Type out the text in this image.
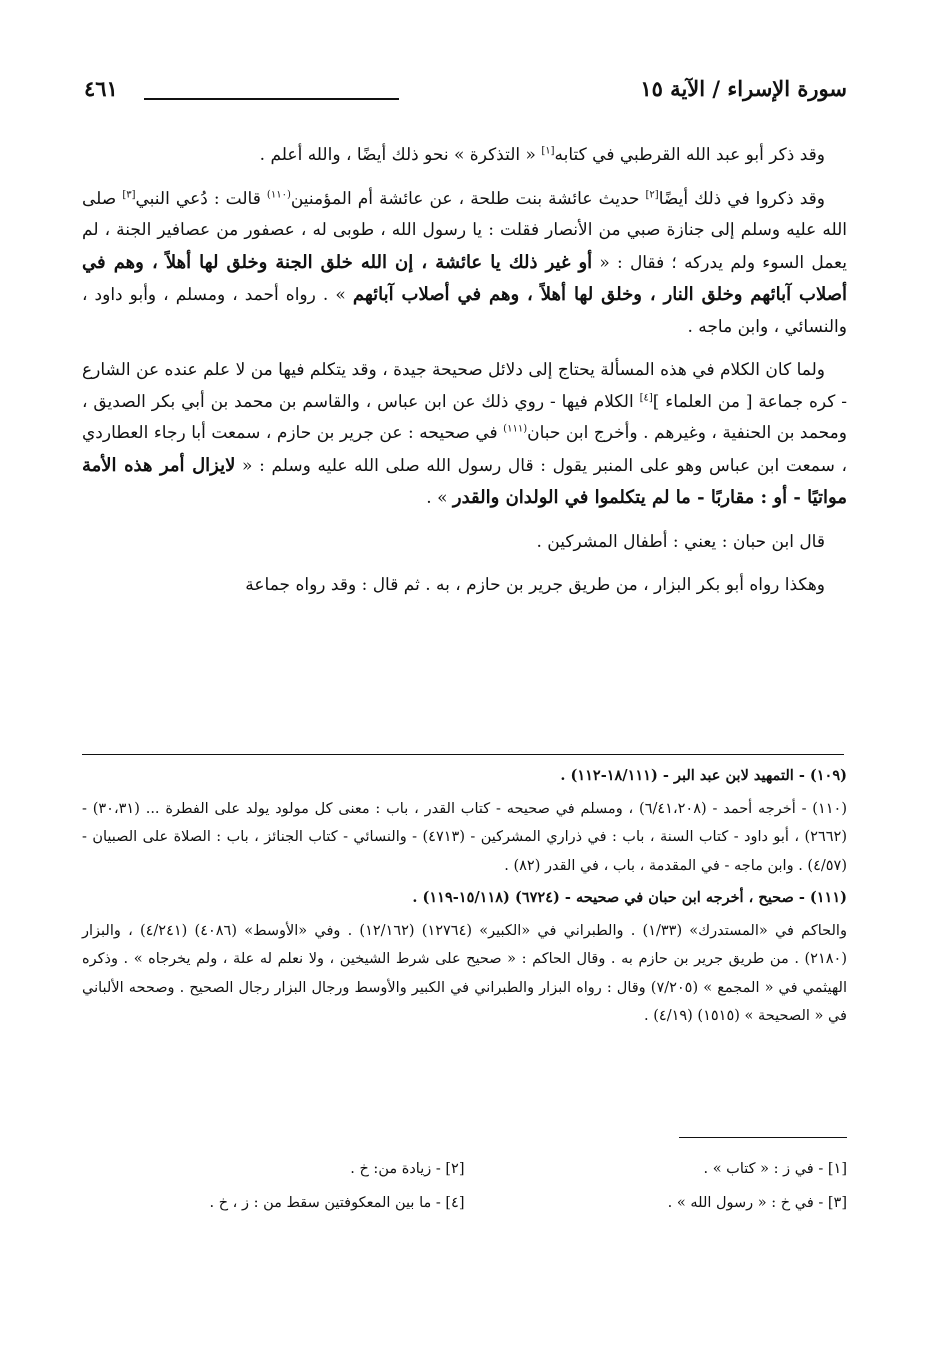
سورة الإسراء / الآية ١٥
٤٦١

وقد ذكر أبو عبد الله القرطبي في كتابه[١] « التذكرة » نحو ذلك أيضًا ، والله أعلم .

وقد ذكروا في ذلك أيضًا[٢] حديث عائشة بنت طلحة ، عن عائشة أم المؤمنين$^{(١١٠)}$ قالت : دُعي النبي[٣] صلى الله عليه وسلم إلى جنازة صبي من الأنصار فقلت : يا رسول الله ، طوبى له ، عصفور من عصافير الجنة ، لم يعمل السوء ولم يدركه ؛ فقال : « أو غير ذلك يا عائشة ، إن الله خلق الجنة وخلق لها أهلاً ، وهم في أصلاب آبائهم وخلق النار ، وخلق لها أهلاً ، وهم في أصلاب آبائهم » . رواه أحمد ، ومسلم ، وأبو داود ، والنسائي ، وابن ماجه .

ولما كان الكلام في هذه المسألة يحتاج إلى دلائل صحيحة جيدة ، وقد يتكلم فيها من لا علم عنده عن الشارع - كره جماعة [ من العلماء ][٤] الكلام فيها - روي ذلك عن ابن عباس ، والقاسم بن محمد بن أبي بكر الصديق ، ومحمد بن الحنفية ، وغيرهم . وأخرج ابن حبان$^{(١١١)}$ في صحيحه : عن جرير بن حازم ، سمعت أبا رجاء العطاردي ، سمعت ابن عباس وهو على المنبر يقول : قال رسول الله صلى الله عليه وسلم : « لايزال أمر هذه الأمة مواتيًا - أو : مقاربًا - ما لم يتكلموا في الولدان والقدر » .

قال ابن حبان : يعني : أطفال المشركين .

وهكذا رواه أبو بكر البزار ، من طريق جرير بن حازم ، به . ثم قال : وقد رواه جماعة

(١٠٩) - التمهيد لابن عبد البر - (١٨/١١١-١١٢) .
(١١٠) - أخرجه أحمد - (٦/٤١،٢٠٨) ، ومسلم في صحيحه - كتاب القدر ، باب : معنى كل مولود يولد على الفطرة ... (٣٠،٣١) - (٢٦٦٢) ، أبو داود - كتاب السنة ، باب : في ذراري المشركين - (٤٧١٣) - والنسائي - كتاب الجنائز ، باب : الصلاة على الصبيان - (٤/٥٧) . وابن ماجه - في المقدمة ، باب ، في القدر (٨٢) .
(١١١) - صحيح ، أخرجه ابن حبان في صحيحه - (٦٧٢٤) (١٥/١١٨-١١٩) .
والحاكم في «المستدرك» (١/٣٣) . والطبراني في «الكبير» (١٢٧٦٤) (١٢/١٦٢) . وفي «الأوسط» (٤٠٨٦) (٤/٢٤١) ، والبزار (٢١٨٠) . من طريق جرير بن حازم به . وقال الحاكم : « صحيح على شرط الشيخين ، ولا نعلم له علة ، ولم يخرجاه » . وذكره الهيثمي في « المجمع » (٧/٢٠٥) وقال : رواه البزار والطبراني في الكبير والأوسط ورجال البزار رجال الصحيح . وصححه الألباني في « الصحيحة » (١٥١٥) (٤/١٩) .
[١] - في ز : « كتاب » .
[٢] - زيادة من: خ .
[٣] - في خ : « رسول الله » .
[٤] - ما بين المعكوفتين سقط من : ز ، خ .
